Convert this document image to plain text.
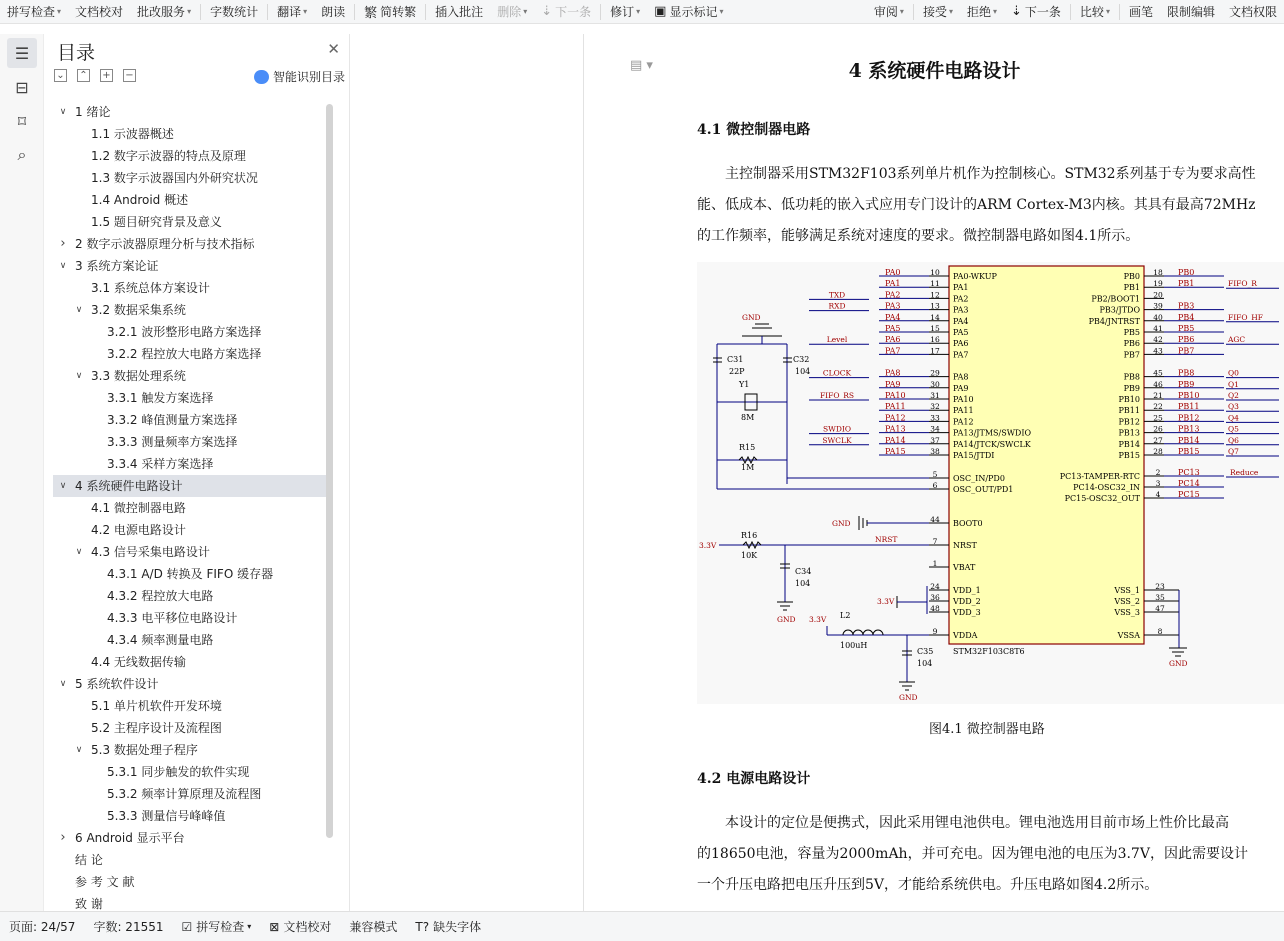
拼写检查 ▾ 文档校对 批改服务 ▾ 字数统计 翻译 ▾ 朗读 繁 简转繁 插入批注 删除 ▾ ⇣ 下一条 修订 ▾ ▣ 显示标记 ▾	审阅 ▾ 接受 ▾ 拒绝 ▾ ⇣ 下一条 比较 ▾ 画笔 限制编辑 文档权限
☰
⊟
⌑
⌕
目录	✕
⌄ ⌃ + −	智能识别目录
∨ 1 绪论
1.1 示波器概述
1.2 数字示波器的特点及原理
1.3 数字示波器国内外研究状况
1.4 Android 概述
1.5 题目研究背景及意义
› 2 数字示波器原理分析与技术指标
∨ 3 系统方案论证
3.1 系统总体方案设计
∨ 3.2 数据采集系统
3.2.1 波形整形电路方案选择
3.2.2 程控放大电路方案选择
∨ 3.3 数据处理系统
3.3.1 触发方案选择
3.3.2 峰值测量方案选择
3.3.3 测量频率方案选择
3.3.4 采样方案选择
∨ 4 系统硬件电路设计
4.1 微控制器电路
4.2 电源电路设计
∨ 4.3 信号采集电路设计
4.3.1 A/D 转换及 FIFO 缓存器
4.3.2 程控放大电路
4.3.3 电平移位电路设计
4.3.4 频率测量电路
4.4 无线数据传输
∨ 5 系统软件设计
5.1 单片机软件开发环境
5.2 主程序设计及流程图
∨ 5.3 数据处理子程序
5.3.1 同步触发的软件实现
5.3.2 频率计算原理及流程图
5.3.3 测量信号峰峰值
› 6 Android 显示平台
结 论
参 考 文 献
致 谢
▤ ▾	4 系统硬件电路设计
4.1 微控制器电路

主控制器采用STM32F103系列单片机作为控制核心。STM32系列基于专为要求高性

能、低成本、低功耗的嵌入式应用专门设计的ARM Cortex-M3内核。其具有最高72MHz

的工作频率，能够满足系统对速度的要求。微控制器电路如图4.1所示。

STM32F103C8T6
10 PA0-WKUP
PA0
11 PA1
PA1
12 PA2
PA2
TXD
13 PA3
PA3
RXD
14 PA4
PA4
15 PA5
PA5
16 PA6
PA6
Level
17 PA7
PA7
29 PA8
PA8
CLOCK
30 PA9
PA9
31 PA10
PA10
FIFO_RS
32 PA11
PA11
33 PA12
PA12
34 PA13/JTMS/SWDIO
PA13
SWDIO
37 PA14/JTCK/SWCLK
PA14
SWCLK
38 PA15/JTDI
PA15
18
PB0	PB0
19
PB1	PB1	FIFO_R
20
PB2/BOOT1
39
PB3/JTDO	PB3
40
PB4/JNTRST	PB4	FIFO_HF
41
PB5	PB5
42
PB6	PB6	AGC
43
PB7	PB7
45
PB8	PB8	Q0
46
PB9	PB9	Q1
21
PB10	PB10	Q2
22
PB11	PB11	Q3
25
PB12	PB12	Q4
26
PB13	PB13	Q5
27
PB14	PB14	Q6
28
PB15	PB15	Q7
2
PC13-TAMPER-RTC	PC13	Reduce
3
PC14-OSC32_IN	PC14
4
PC15-OSC32_OUT	PC15
5 OSC_IN/PD0
6 OSC_OUT/PD1
44 BOOT0
7 NRST
1 VBAT
NRST
24 VDD_1
36 VDD_2
48 VDD_3
9 VDDA
23
VSS_1
35
VSS_2
47
VSS_3
8
VSSA
GND
GND
C31
22P
C32
104
Y1
8M
R15
1M
GND
3.3V
R16
10K
C34
104
GND
3.3V
3.3V L2
100uH
C35
104
GND
图4.1 微控制器电路
4.2 电源电路设计

本设计的定位是便携式，因此采用锂电池供电。锂电池选用目前市场上性价比最高

的18650电池，容量为2000mAh，并可充电。因为锂电池的电压为3.7V，因此需要设计

一个升压电路把电压升压到5V，才能给系统供电。升压电路如图4.2所示。

页面: 24/57	字数: 21551	☑ 拼写检查 ▾ ⊠ 文档校对	兼容模式	T? 缺失字体
